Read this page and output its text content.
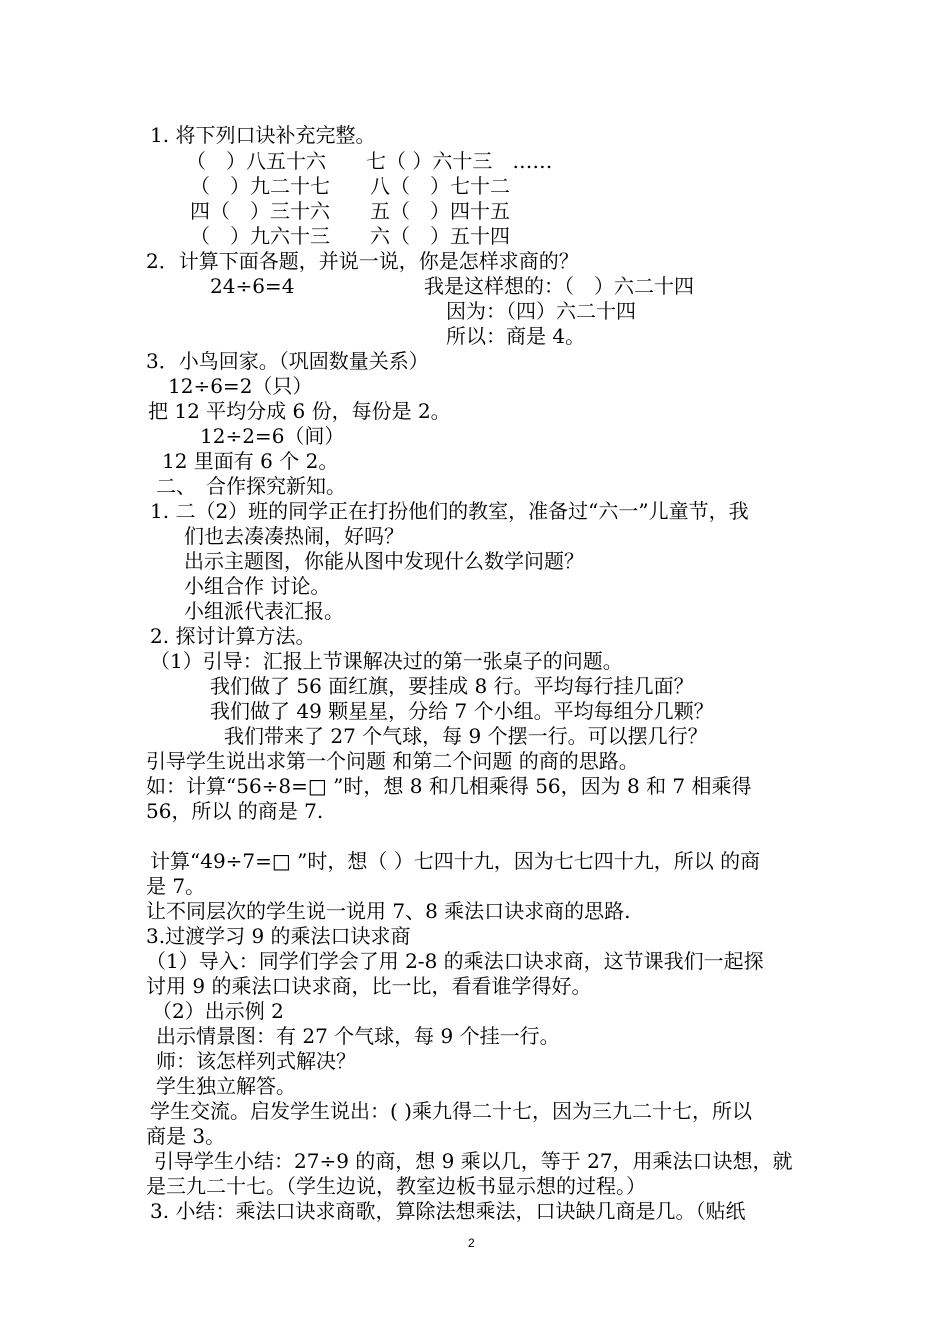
1. 将下列口诀补充完整。
（　）八五十六　　七（ ）六十三　……
（　）九二十七　　八（　）七十二
四（　）三十六　　五（　）四十五
（　）九六十三　　六（　）五十四
2．计算下面各题，并说一说，你是怎样求商的？
24÷6=4	我是这样想的：（　）六二十四
因为：（四）六二十四
所以：商是 4。
3．小鸟回家。（巩固数量关系）
12÷6=2（只）
把 12 平均分成 6 份，每份是 2。
12÷2=6（间）
12 里面有 6 个 2。
二、　合作探究新知。
1. 二（2）班的同学正在打扮他们的教室，准备过“六一”儿童节，我
们也去凑凑热闹，好吗？
出示主题图，你能从图中发现什么数学问题？
小组合作 讨论。
小组派代表汇报。
2. 探讨计算方法。
（1）引导：汇报上节课解决过的第一张桌子的问题。
我们做了 56 面红旗，要挂成 8 行。平均每行挂几面？
我们做了 49 颗星星，分给 7 个小组。平均每组分几颗？
我们带来了 27 个气球，每 9 个摆一行。可以摆几行？
引导学生说出求第一个问题 和第二个问题 的商的思路。
如：计算“56÷8=□ ”时，想 8 和几相乘得 56，因为 8 和 7 相乘得
56，所以 的商是 7.
计算“49÷7=□ ”时，想（ ）七四十九，因为七七四十九，所以 的商
是 7。
让不同层次的学生说一说用 7、8 乘法口诀求商的思路.
3.过渡学习 9 的乘法口诀求商
（1）导入：同学们学会了用 2-8 的乘法口诀求商，这节课我们一起探
讨用 9 的乘法口诀求商，比一比，看看谁学得好。
（2）出示例 2
出示情景图：有 27 个气球，每 9 个挂一行。
师：该怎样列式解决？
学生独立解答。
学生交流。启发学生说出：( )乘九得二十七，因为三九二十七，所以
商是 3。
引导学生小结：27÷9 的商，想 9 乘以几，等于 27，用乘法口诀想，就
是三九二十七。（学生边说，教室边板书显示想的过程。）
3. 小结：乘法口诀求商歌，算除法想乘法，口诀缺几商是几。（贴纸
2
